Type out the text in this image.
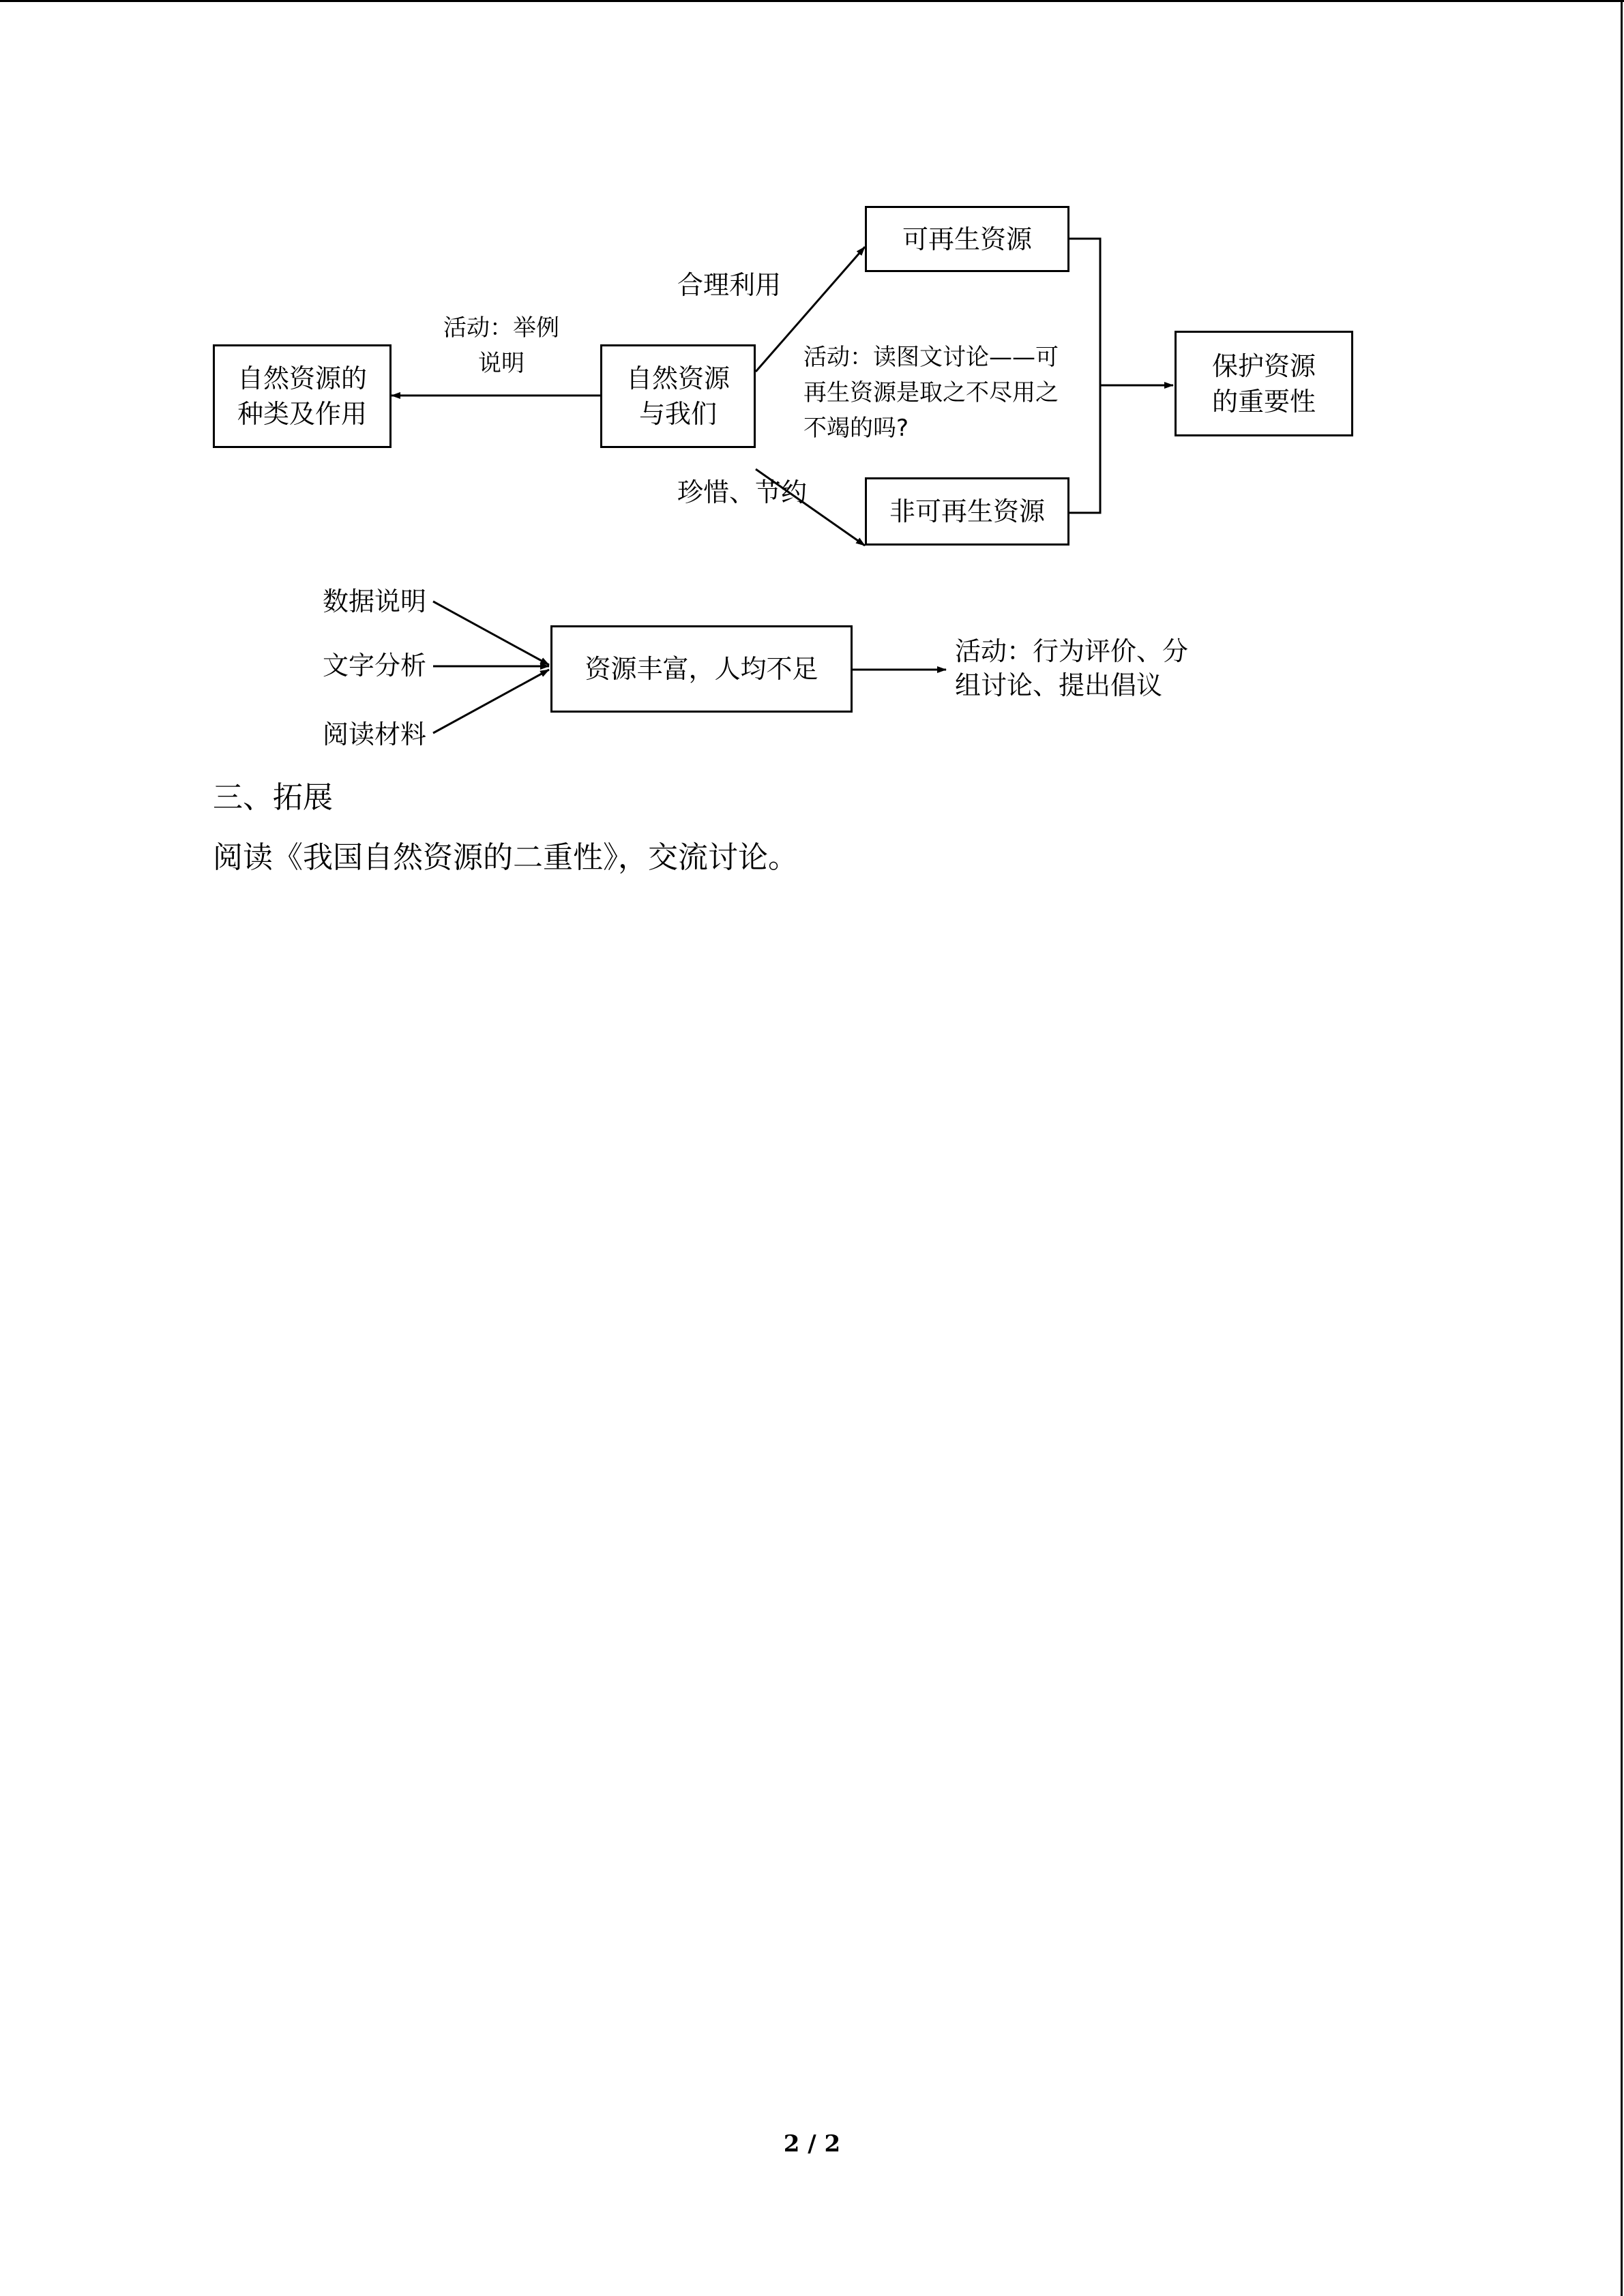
自然资源的
种类及作用
自然资源
与我们
可再生资源
非可再生资源
保护资源
的重要性
活动：举例
说明
合理利用
珍惜、节约
活动：读图文讨论——可
再生资源是取之不尽用之
不竭的吗?
数据说明
文字分析
阅读材料
资源丰富，人均不足
活动：行为评价、分
组讨论、提出倡议
三、拓展
阅读《我国自然资源的二重性》，交流讨论。
2 / 2
